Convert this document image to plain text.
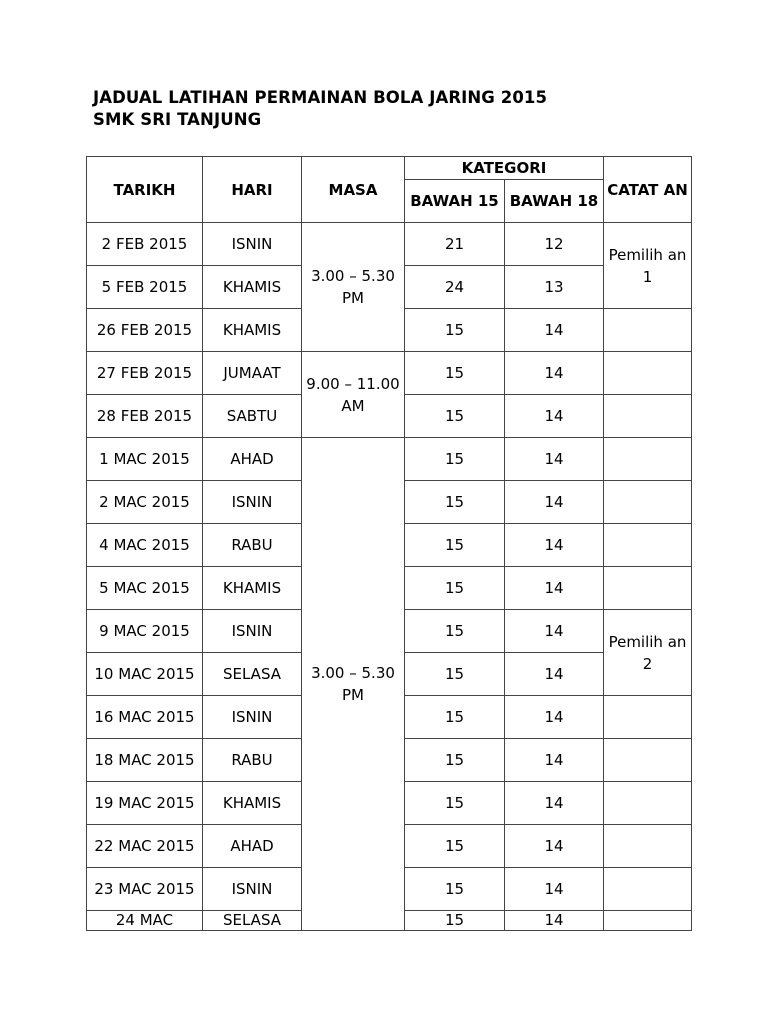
JADUAL LATIHAN PERMAINAN BOLA JARING 2015
SMK SRI TANJUNG
TARIKH	HARI	MASA	KATEGORI		CATAT AN
			BAWAH 15	BAWAH 18	
2 FEB 2015	ISNIN	3.00 – 5.30 PM	21	12	Pemilih an 1
5 FEB 2015	KHAMIS		24	13	
26 FEB 2015	KHAMIS		15	14	
27 FEB 2015	JUMAAT	9.00 – 11.00 AM	15	14	
28 FEB 2015	SABTU		15	14	
1 MAC 2015	AHAD	3.00 – 5.30 PM	15	14	
2 MAC 2015	ISNIN		15	14	
4 MAC 2015	RABU		15	14	
5 MAC 2015	KHAMIS		15	14	
9 MAC 2015	ISNIN		15	14	Pemilih an 2
10 MAC 2015	SELASA		15	14	
16 MAC 2015	ISNIN		15	14	
18 MAC 2015	RABU		15	14	
19 MAC 2015	KHAMIS		15	14	
22 MAC 2015	AHAD		15	14	
23 MAC 2015	ISNIN		15	14	
24 MAC	SELASA		15	14	
